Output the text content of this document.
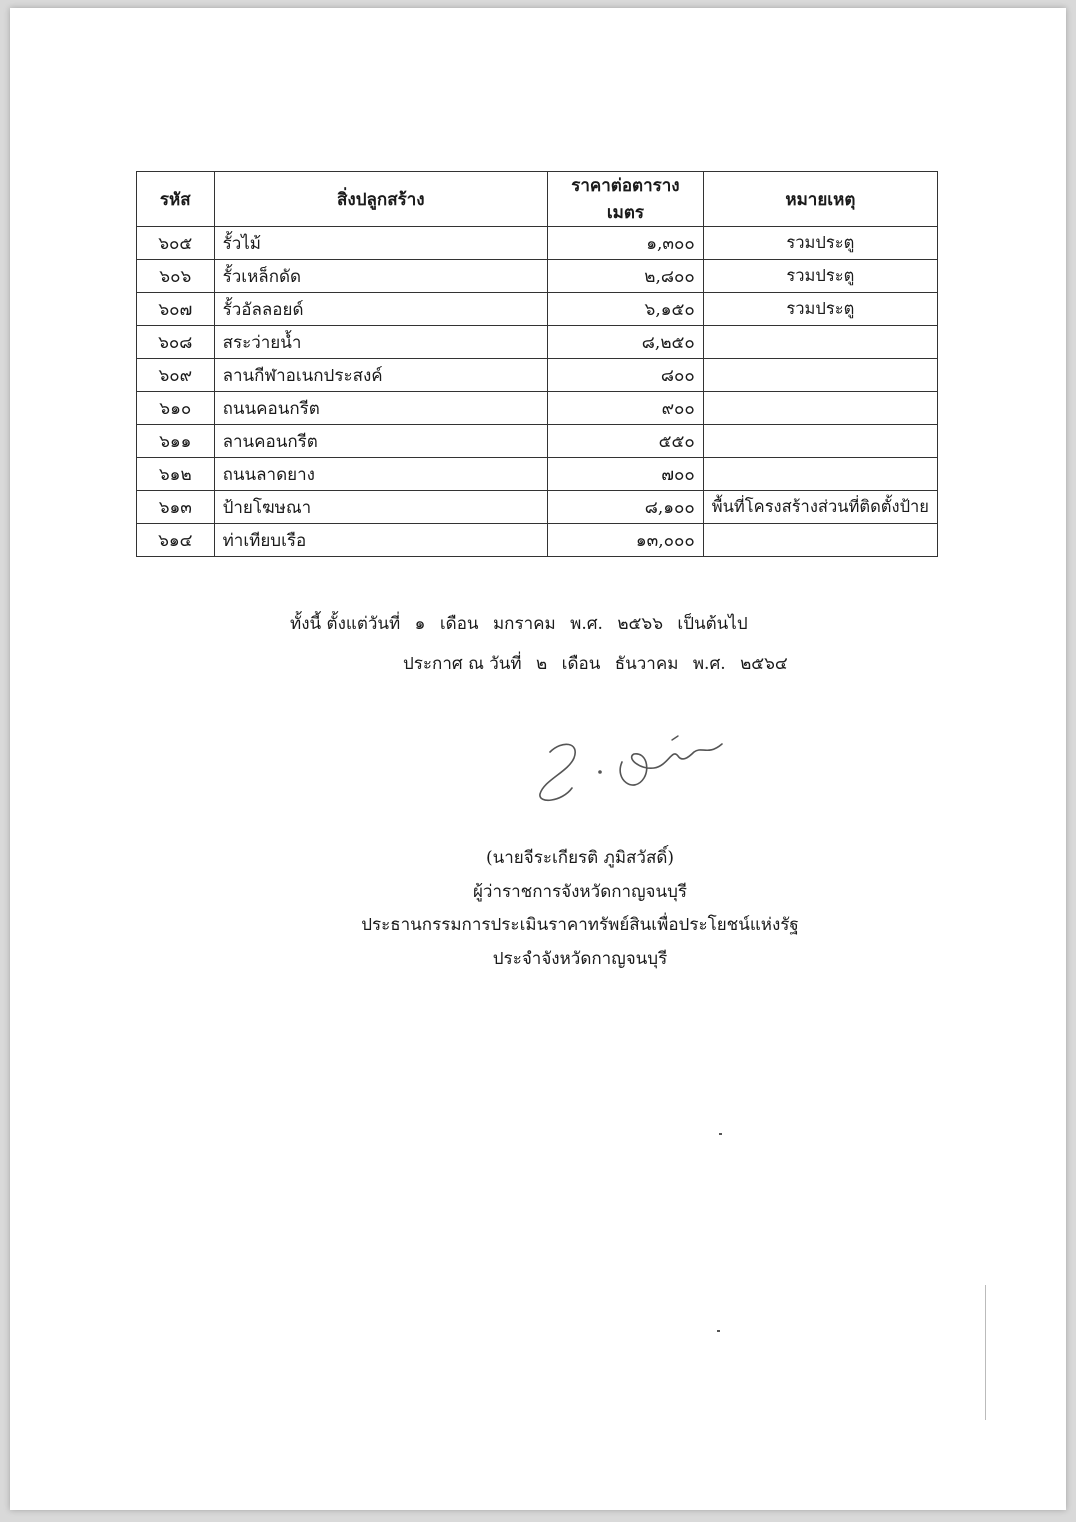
รหัส	สิ่งปลูกสร้าง	ราคาต่อตารางเมตร	หมายเหตุ
๖๐๕	รั้วไม้	๑,๓๐๐	รวมประตู
๖๐๖	รั้วเหล็กดัด	๒,๘๐๐	รวมประตู
๖๐๗	รั้วอัลลอยด์	๖,๑๕๐	รวมประตู
๖๐๘	สระว่ายน้ำ	๘,๒๕๐	
๖๐๙	ลานกีฬาอเนกประสงค์	๘๐๐	
๖๑๐	ถนนคอนกรีต	๙๐๐	
๖๑๑	ลานคอนกรีต	๕๕๐	
๖๑๒	ถนนลาดยาง	๗๐๐	
๖๑๓	ป้ายโฆษณา	๘,๑๐๐	พื้นที่โครงสร้างส่วนที่ติดตั้งป้าย
๖๑๔	ท่าเทียบเรือ	๑๓,๐๐๐	
ทั้งนี้ ตั้งแต่วันที่ ๑ เดือน มกราคม พ.ศ. ๒๕๖๖ เป็นต้นไป
ประกาศ ณ วันที่ ๒ เดือน ธันวาคม พ.ศ. ๒๕๖๔
(นายจีระเกียรติ ภูมิสวัสดิ์)
ผู้ว่าราชการจังหวัดกาญจนบุรี
ประธานกรรมการประเมินราคาทรัพย์สินเพื่อประโยชน์แห่งรัฐ
ประจำจังหวัดกาญจนบุรี
